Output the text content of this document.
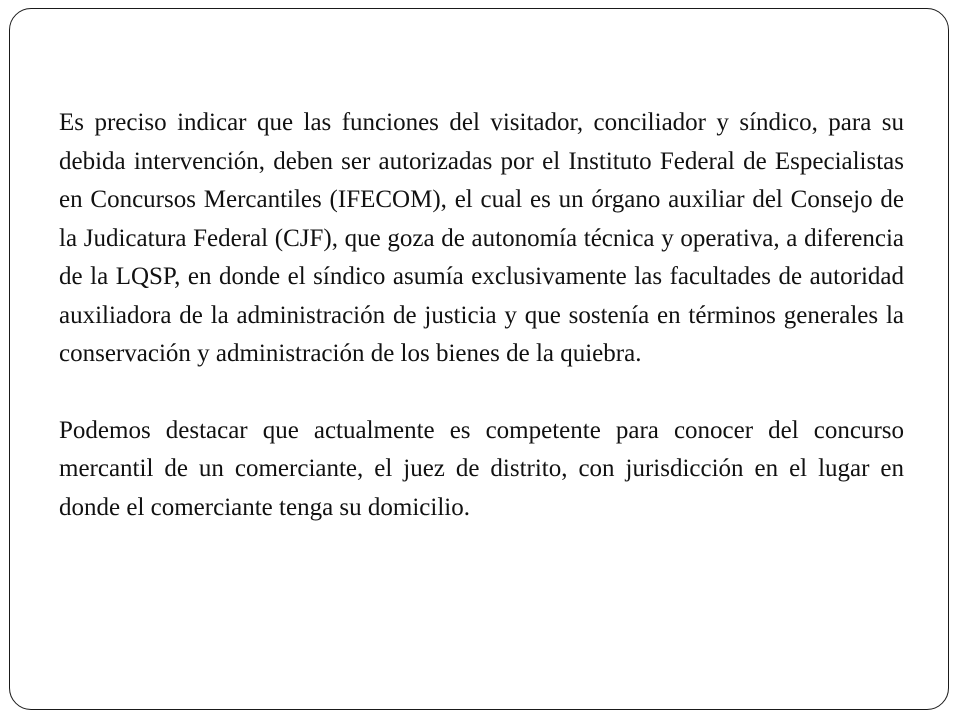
Es preciso indicar que las funciones del visitador, conciliador y síndico, para su debida intervención, deben ser autorizadas por el Instituto Federal de Especialistas en Concursos Mercantiles (IFECOM), el cual es un órgano auxiliar del Consejo de la Judicatura Federal (CJF), que goza de autonomía técnica y operativa, a diferencia de la LQSP, en donde el síndico asumía exclusivamente las facultades de autoridad auxiliadora de la administración de justicia y que sostenía en términos generales la conservación y administración de los bienes de la quiebra.

Podemos destacar que actualmente es competente para conocer del concurso mercantil de un comerciante, el juez de distrito, con jurisdicción en el lugar en donde el comerciante tenga su domicilio.
